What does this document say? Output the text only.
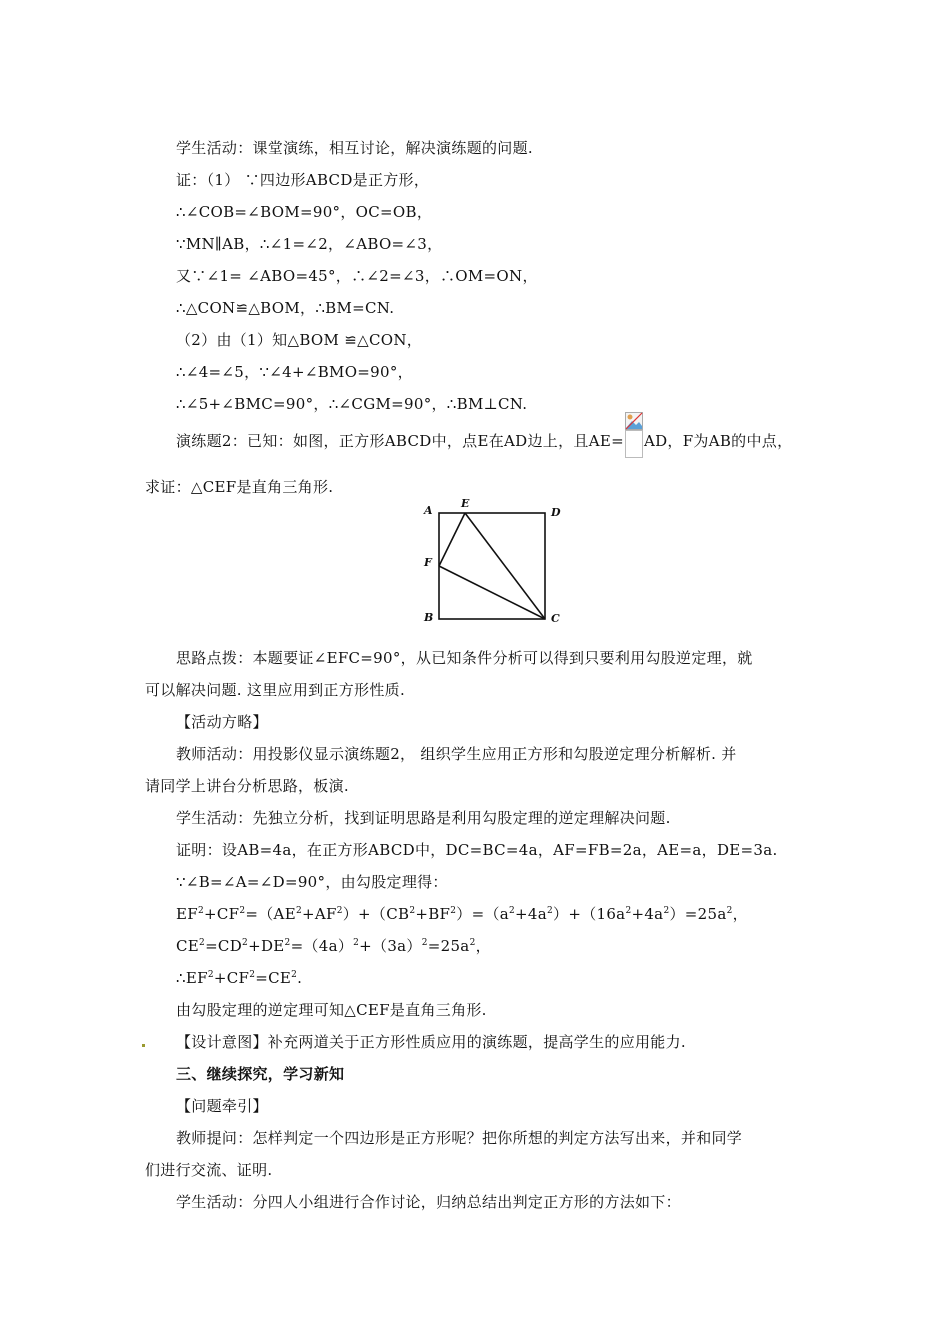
学生活动：课堂演练，相互讨论，解决演练题的问题.
证：（1） ∵四边形ABCD是正方形，
∴∠COB=∠BOM=90°，OC=OB，
∵MN∥AB，∴∠1=∠2，∠ABO=∠3，
又∵∠1= ∠ABO=45°，∴∠2=∠3，∴OM=ON，
∴△CON≌△BOM，∴BM=CN.
（2）由（1）知△BOM ≌△CON，
∴∠4=∠5，∵∠4+∠BMO=90°，
∴∠5+∠BMC=90°，∴∠CGM=90°，∴BM⊥CN.
演练题2：已知：如图，正方形ABCD中，点E在AD边上，且AE= AD，F为AB的中点，
求证：△CEF是直角三角形.
A
E
D
F
B	C
思路点拨：本题要证∠EFC=90°，从已知条件分析可以得到只要利用勾股逆定理，就
可以解决问题. 这里应用到正方形性质.
【活动方略】
教师活动：用投影仪显示演练题2， 组织学生应用正方形和勾股逆定理分析解析. 并
请同学上讲台分析思路，板演.
学生活动：先独立分析，找到证明思路是利用勾股定理的逆定理解决问题.
证明：设AB=4a，在正方形ABCD中，DC=BC=4a，AF=FB=2a，AE=a，DE=3a.
∵∠B=∠A=∠D=90°，由勾股定理得：
$EF^2+CF^2=(AE^2+AF^2)+(CB^2+BF^2)=(a^2+4a^2)+(16a^2+4a^2)=25a^2$，
$CE^2=CD^2+DE^2=(4a)^2+(3a)^2=25a^2$，
$\therefore EF^2+CF^2=CE^2$.
由勾股定理的逆定理可知△CEF是直角三角形.
【设计意图】补充两道关于正方形性质应用的演练题，提高学生的应用能力.
三、继续探究，学习新知
【问题牵引】
教师提问：怎样判定一个四边形是正方形呢？把你所想的判定方法写出来，并和同学
们进行交流、证明.
学生活动：分四人小组进行合作讨论，归纳总结出判定正方形的方法如下：
